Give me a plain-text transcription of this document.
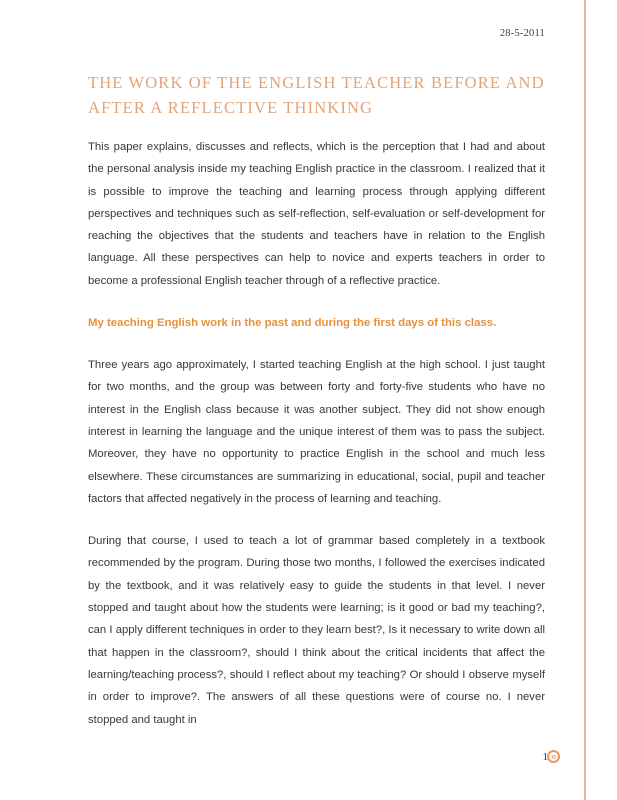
28-5-2011
THE WORK OF THE ENGLISH TEACHER BEFORE AND AFTER A REFLECTIVE THINKING

This paper explains, discusses and reflects, which is the perception that I had and about the personal analysis inside my teaching English practice in the classroom. I realized that it is possible to improve the teaching and learning process through applying different perspectives and techniques such as self-reflection, self-evaluation or self-development for reaching the objectives that the students and teachers have in relation to the English language. All these perspectives can help to novice and experts teachers in order to become a professional English teacher through of a reflective practice.

My teaching English work in the past and during the first days of this class.

Three years ago approximately, I started teaching English at the high school. I just taught for two months, and the group was between forty and forty-five students who have no interest in the English class because it was another subject. They did not show enough interest in learning the language and the unique interest of them was to pass the subject. Moreover, they have no opportunity to practice English in the school and much less elsewhere. These circumstances are summarizing in educational, social, pupil and teacher factors that affected negatively in the process of learning and teaching.

During that course, I used to teach a lot of grammar based completely in a textbook recommended by the program. During those two months, I followed the exercises indicated by the textbook, and it was relatively easy to guide the students in that level. I never stopped and taught about how the students were learning; is it good or bad my teaching?, can I apply different techniques in order to they learn best?, Is it necessary to write down all that happen in the classroom?, should I think about the critical incidents that affect the learning/teaching process?, should I reflect about my teaching? Or should I observe myself in order to improve?. The answers of all these questions were of course no. I never stopped and taught in

1
